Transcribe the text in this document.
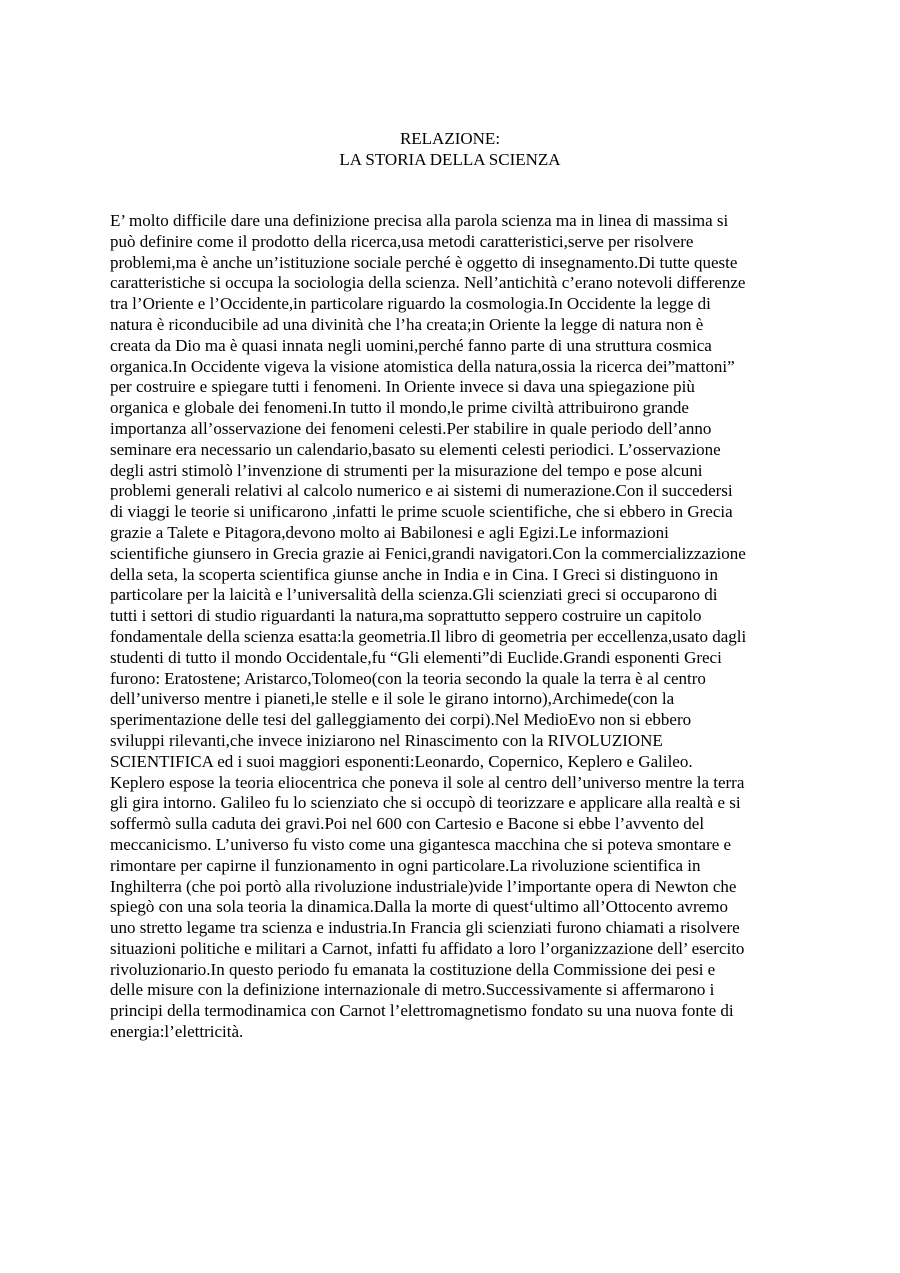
RELAZIONE:
LA STORIA DELLA SCIENZA
E’ molto difficile dare una definizione precisa alla parola scienza ma in linea di massima si
può definire come il prodotto della ricerca,usa metodi caratteristici,serve per risolvere
problemi,ma è anche un’istituzione sociale perché è oggetto di insegnamento.Di tutte queste
caratteristiche si occupa la sociologia della scienza. Nell’antichità c’erano notevoli differenze
tra l’Oriente e l’Occidente,in particolare riguardo la cosmologia.In Occidente la legge di
natura è riconducibile ad una divinità che l’ha creata;in Oriente la legge di natura non è
creata da Dio ma è quasi innata negli uomini,perché fanno parte di una struttura cosmica
organica.In Occidente vigeva la visione atomistica della natura,ossia la ricerca dei”mattoni”
per costruire e spiegare tutti i fenomeni. In Oriente invece si dava una spiegazione più
organica e globale dei fenomeni.In tutto il mondo,le prime civiltà attribuirono grande
importanza all’osservazione dei fenomeni celesti.Per stabilire in quale periodo dell’anno
seminare era necessario un calendario,basato su elementi celesti periodici. L’osservazione
degli astri stimolò l’invenzione di strumenti per la misurazione del tempo e pose alcuni
problemi generali relativi al calcolo numerico e ai sistemi di numerazione.Con il succedersi
di viaggi le teorie si unificarono ,infatti le prime scuole scientifiche, che si ebbero in Grecia
grazie a Talete e Pitagora,devono molto ai Babilonesi e agli Egizi.Le informazioni
scientifiche giunsero in Grecia grazie ai Fenici,grandi navigatori.Con la commercializzazione
della seta, la scoperta scientifica giunse anche in India e in Cina. I Greci si distinguono in
particolare per la laicità e l’universalità della scienza.Gli scienziati greci si occuparono di
tutti i settori di studio riguardanti la natura,ma soprattutto seppero costruire un capitolo
fondamentale della scienza esatta:la geometria.Il libro di geometria per eccellenza,usato dagli
studenti di tutto il mondo Occidentale,fu “Gli elementi”di Euclide.Grandi esponenti Greci
furono: Eratostene; Aristarco,Tolomeo(con la teoria secondo la quale la terra è al centro
dell’universo mentre i pianeti,le stelle e il sole le girano intorno),Archimede(con la
sperimentazione delle tesi del galleggiamento dei corpi).Nel MedioEvo non si ebbero
sviluppi rilevanti,che invece iniziarono nel Rinascimento con la RIVOLUZIONE
SCIENTIFICA ed i suoi maggiori esponenti:Leonardo, Copernico, Keplero e Galileo.
Keplero espose la teoria eliocentrica che poneva il sole al centro dell’universo mentre la terra
gli gira intorno. Galileo fu lo scienziato che si occupò di teorizzare e applicare alla realtà e si
soffermò sulla caduta dei gravi.Poi nel 600 con Cartesio e Bacone si ebbe l’avvento del
meccanicismo. L’universo fu visto come una gigantesca macchina che si poteva smontare e
rimontare per capirne il funzionamento in ogni particolare.La rivoluzione scientifica in
Inghilterra (che poi portò alla rivoluzione industriale)vide l’importante opera di Newton che
spiegò con una sola teoria la dinamica.Dalla la morte di quest‘ultimo all’Ottocento avremo
uno stretto legame tra scienza e industria.In Francia gli scienziati furono chiamati a risolvere
situazioni politiche e militari a Carnot, infatti fu affidato a loro l’organizzazione dell’ esercito
rivoluzionario.In questo periodo fu emanata la costituzione della Commissione dei pesi e
delle misure con la definizione internazionale di metro.Successivamente si affermarono i
principi della termodinamica con Carnot l’elettromagnetismo fondato su una nuova fonte di
energia:l’elettricità.
